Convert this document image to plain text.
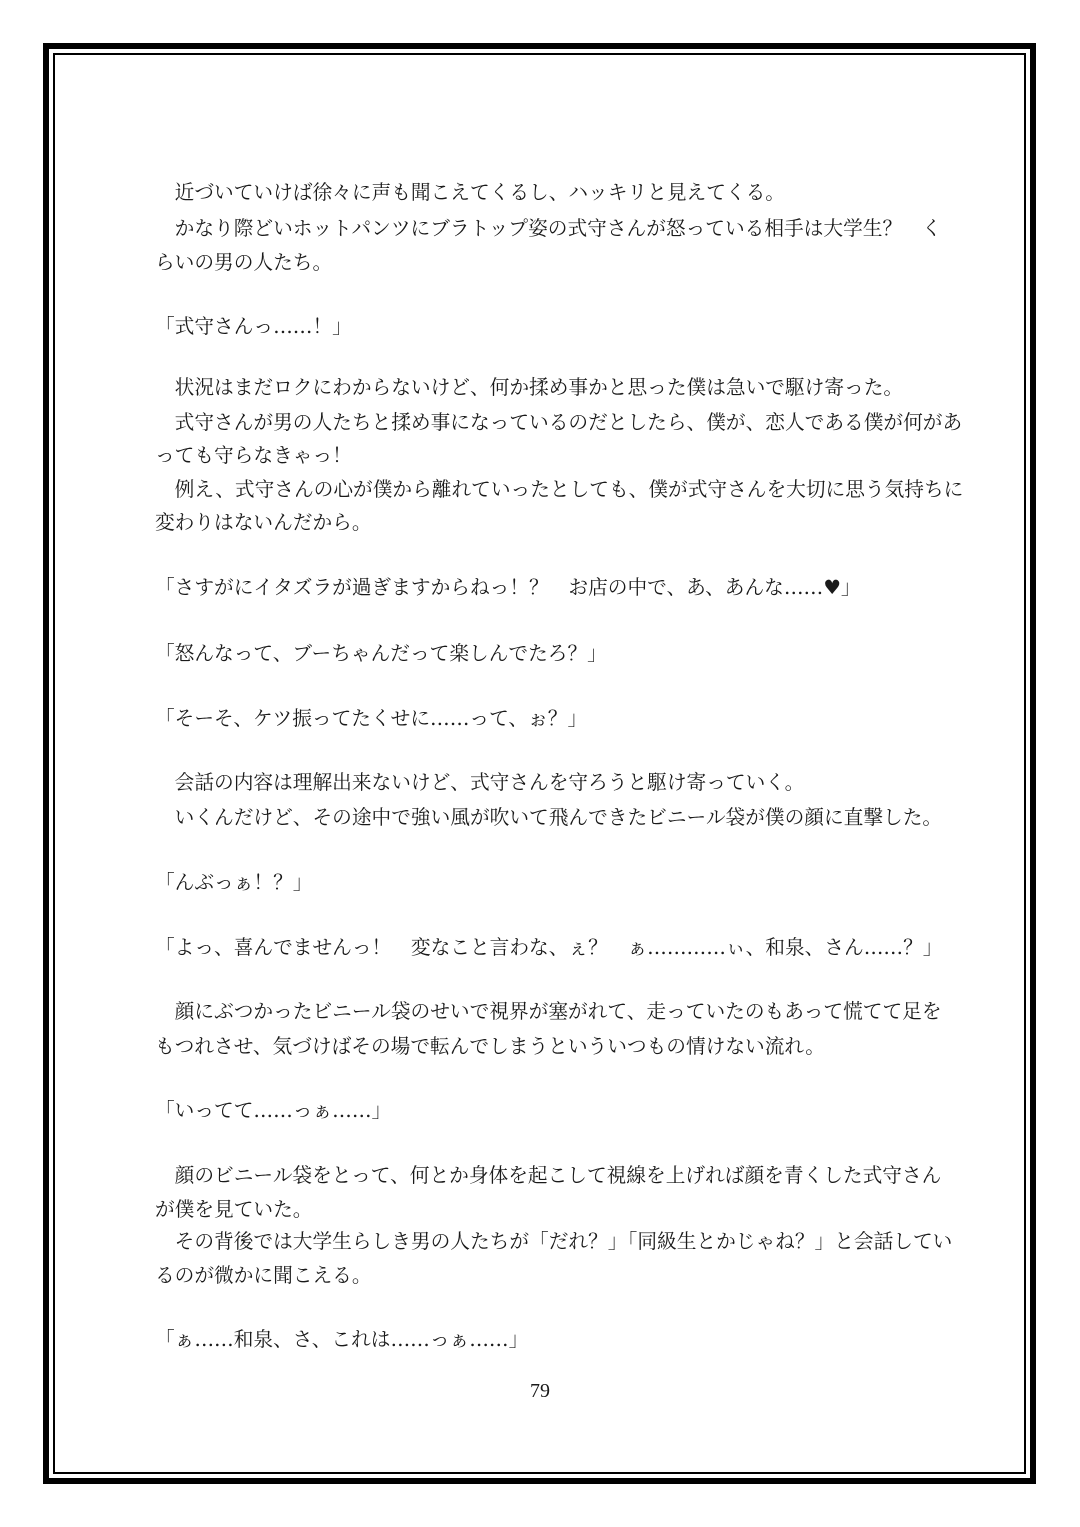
　近づいていけば徐々に声も聞こえてくるし、ハッキリと見えてくる。
　かなり際どいホットパンツにブラトップ姿の式守さんが怒っている相手は大学生？　く
らいの男の人たち。
「式守さんっ……！」
　状況はまだロクにわからないけど、何か揉め事かと思った僕は急いで駆け寄った。
　式守さんが男の人たちと揉め事になっているのだとしたら、僕が、恋人である僕が何があ
っても守らなきゃっ！
　例え、式守さんの心が僕から離れていったとしても、僕が式守さんを大切に思う気持ちに
変わりはないんだから。
「さすがにイタズラが過ぎますからねっ！？　お店の中で、あ、あんな……♥」
「怒んなって、ブーちゃんだって楽しんでたろ？」
「そーそ、ケツ振ってたくせに……って、ぉ？」
　会話の内容は理解出来ないけど、式守さんを守ろうと駆け寄っていく。
　いくんだけど、その途中で強い風が吹いて飛んできたビニール袋が僕の顔に直撃した。
「んぶっぁ！？」
「よっ、喜んでませんっ！　変なこと言わな、ぇ？　ぁ…………ぃ、和泉、さん……？」
　顔にぶつかったビニール袋のせいで視界が塞がれて、走っていたのもあって慌てて足を
もつれさせ、気づけばその場で転んでしまうといういつもの情けない流れ。
「いってて……っぁ……」
　顔のビニール袋をとって、何とか身体を起こして視線を上げれば顔を青くした式守さん
が僕を見ていた。
　その背後では大学生らしき男の人たちが「だれ？」「同級生とかじゃね？」と会話してい
るのが微かに聞こえる。
「ぁ……和泉、さ、これは……っぁ……」
79
